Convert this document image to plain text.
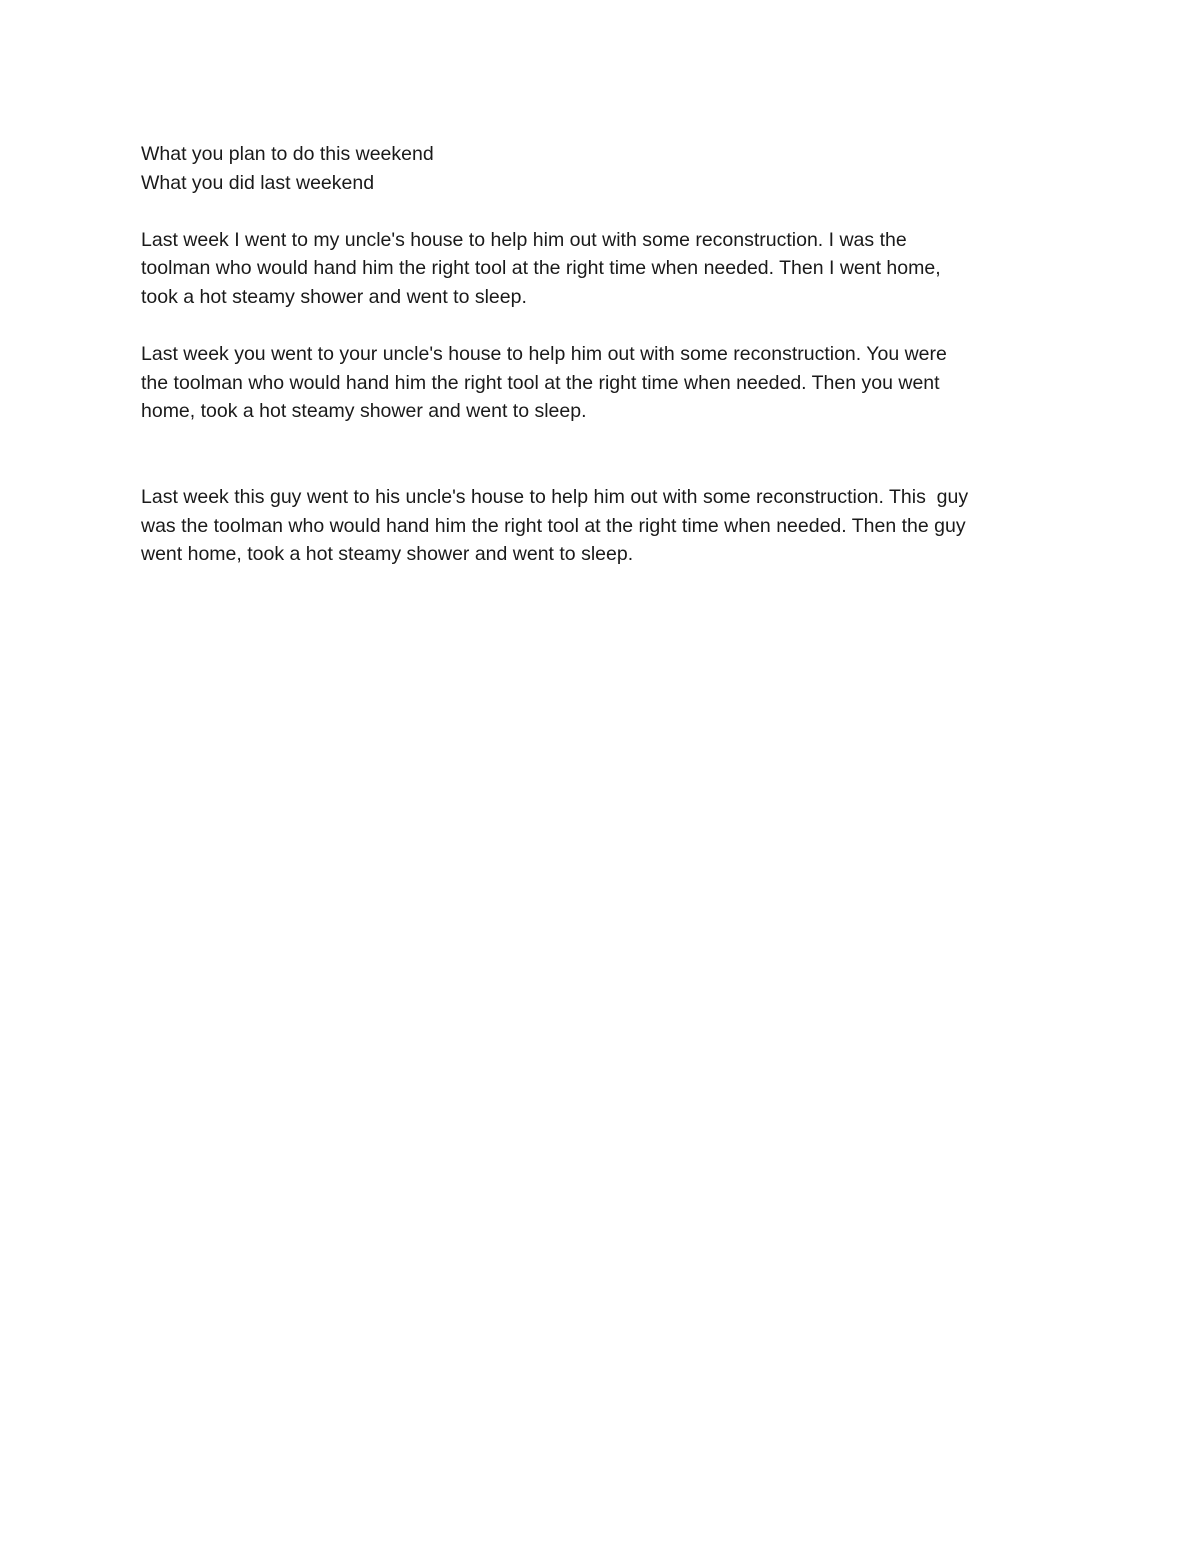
What you plan to do this weekend

What you did last weekend

Last week I went to my uncle's house to help him out with some reconstruction. I was the

toolman who would hand him the right tool at the right time when needed. Then I went home,

took a hot steamy shower and went to sleep.

Last week you went to your uncle's house to help him out with some reconstruction. You were

the toolman who would hand him the right tool at the right time when needed. Then you went

home, took a hot steamy shower and went to sleep.

Last week this guy went to his uncle's house to help him out with some reconstruction. This  guy

was the toolman who would hand him the right tool at the right time when needed. Then the guy

went home, took a hot steamy shower and went to sleep.
